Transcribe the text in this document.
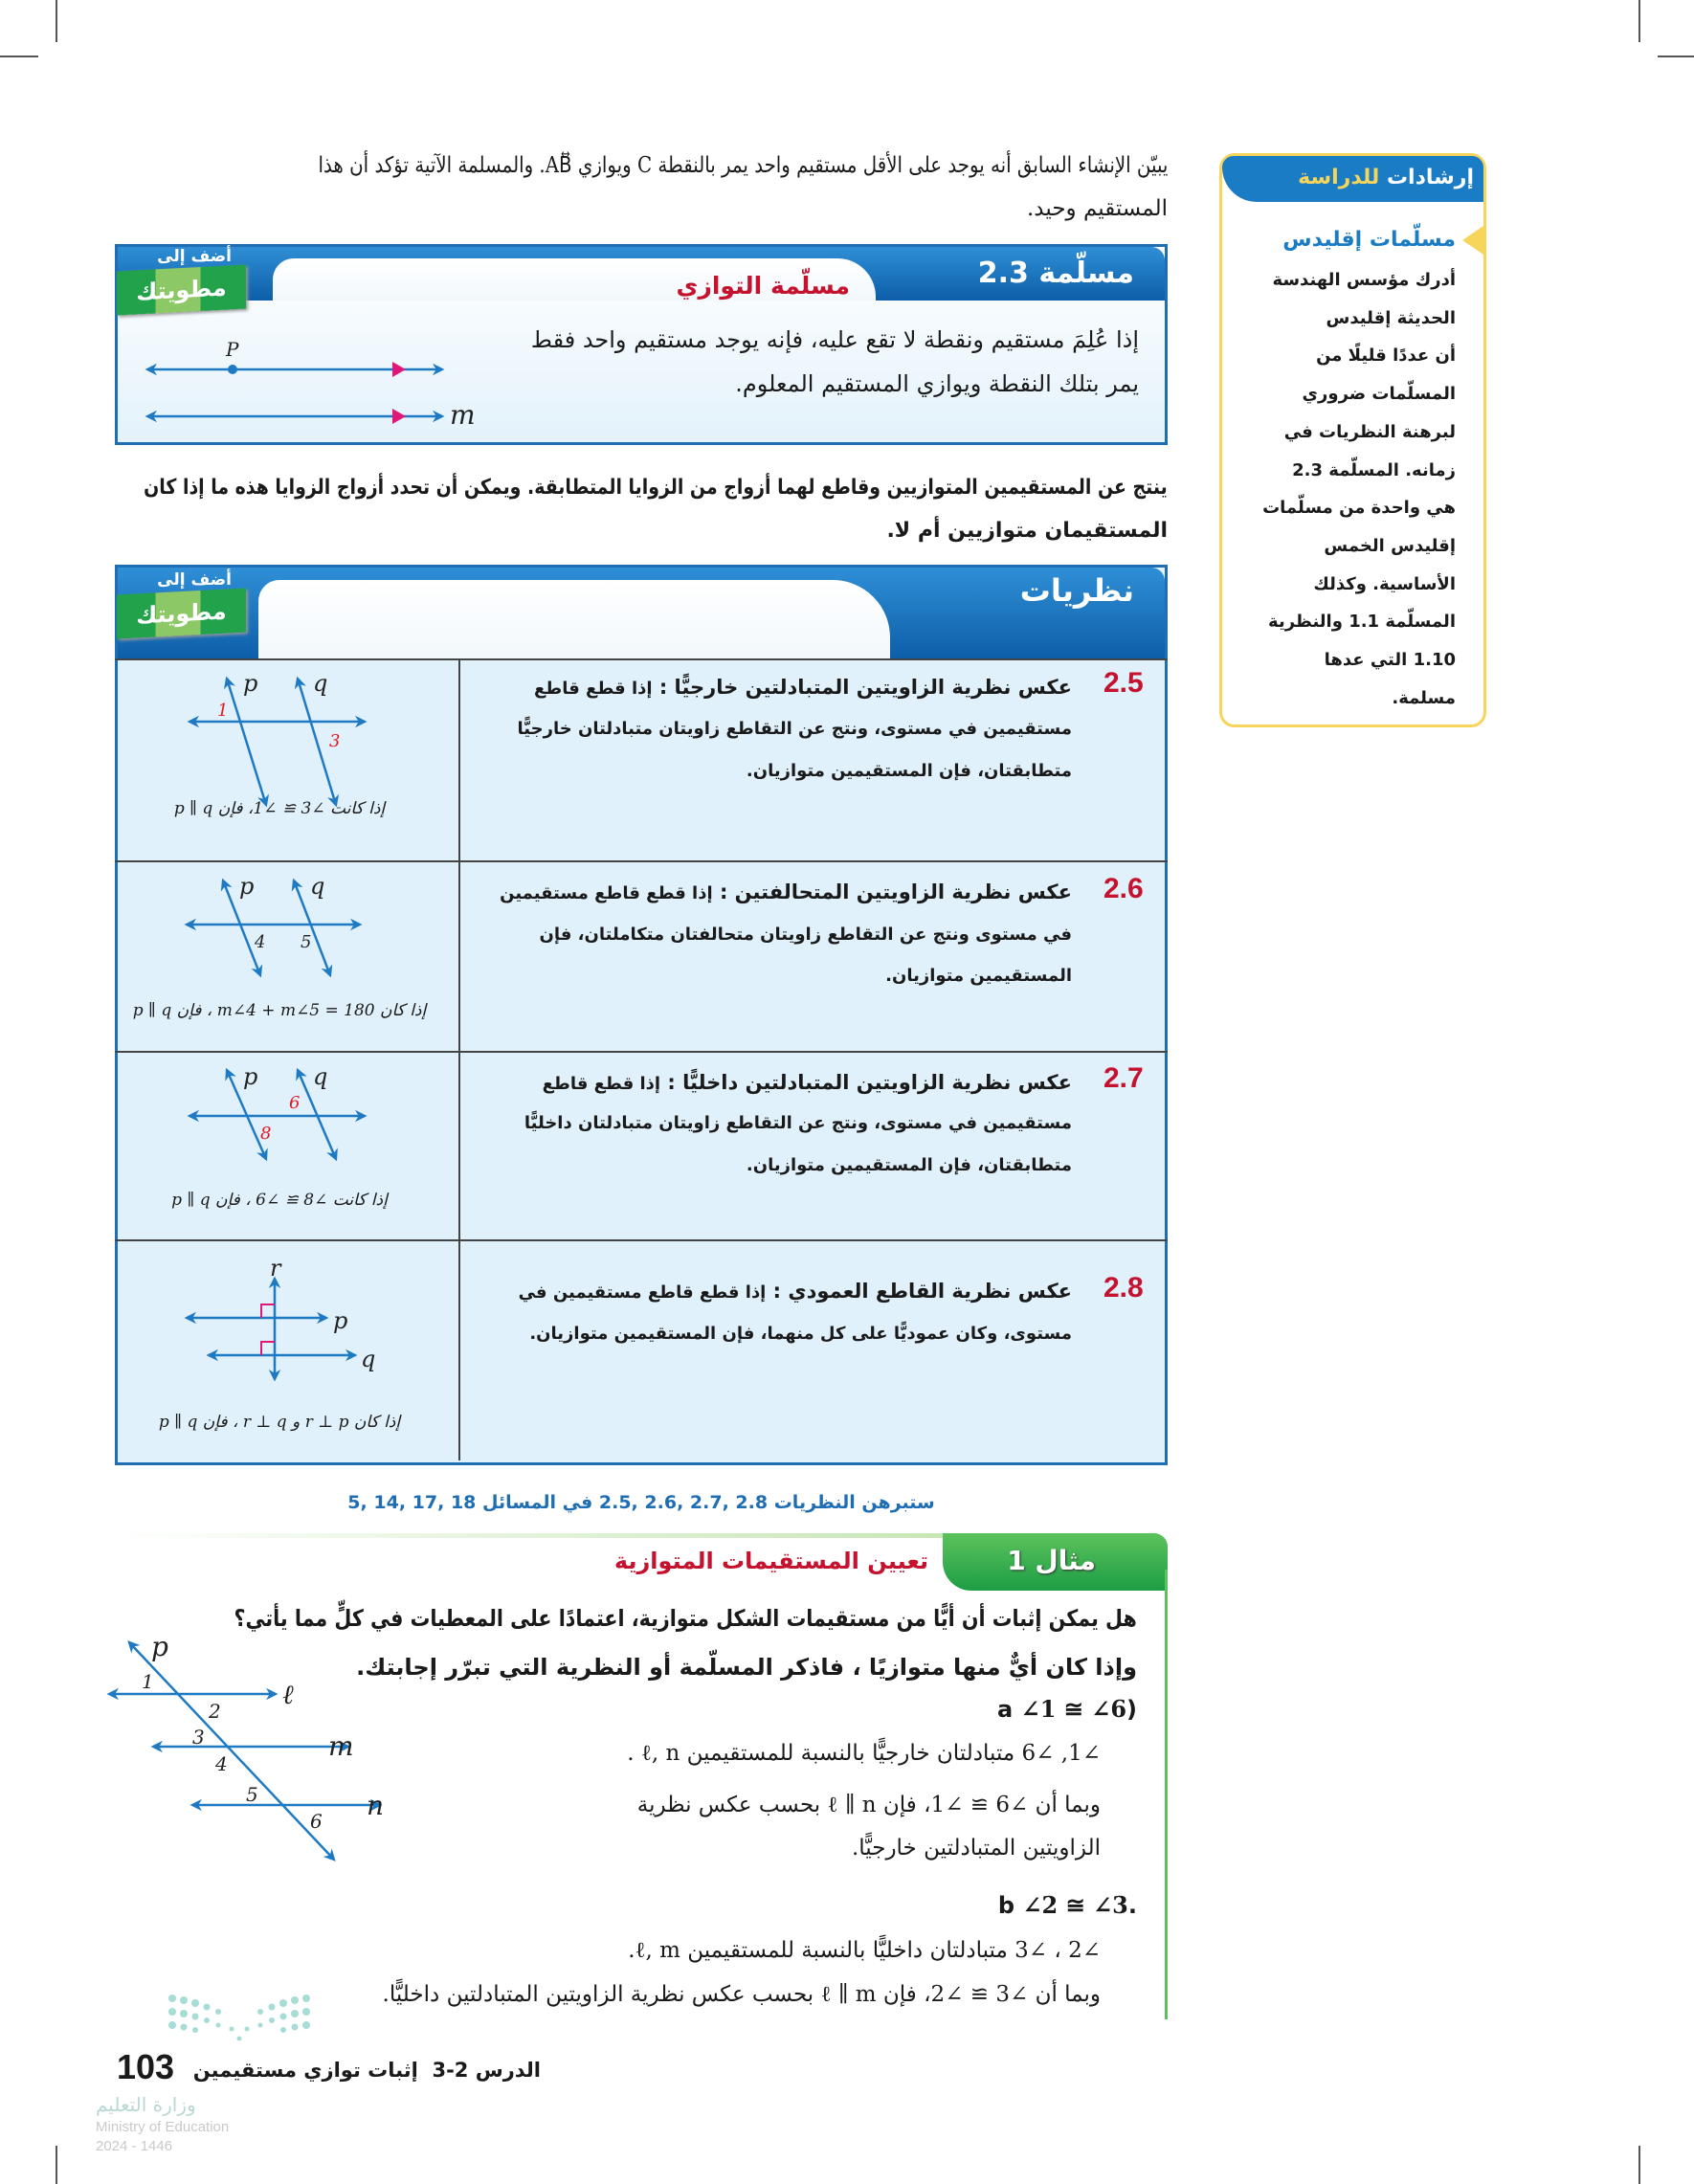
يبيّن الإنشاء السابق أنه يوجد على الأقل مستقيم واحد يمر بالنقطة C ويوازي AB⃡. والمسلمة الآتية تؤكد أن هذا
المستقيم وحيد.
مسلّمة 2.3
مسلّمة التوازي
أضف إلى
مطويتك
إذا عُلِمَ مستقيم ونقطة لا تقع عليه، فإنه يوجد مستقيم واحد فقط
يمر بتلك النقطة ويوازي المستقيم المعلوم.
ينتج عن المستقيمين المتوازيين وقاطع لهما أزواج من الزوايا المتطابقة. ويمكن أن تحدد أزواج الزوايا هذه ما إذا كان
المستقيمان متوازيين أم لا.
نظريات
أضف إلى
مطويتك
2.5
عكس نظرية الزاويتين المتبادلتين خارجيًّا : إذا قطع قاطع
مستقيمين في مستوى، ونتج عن التقاطع زاويتان متبادلتان خارجيًّا
متطابقتان، فإن المستقيمين متوازيان.
إذا كانت ∠3 ≅ ∠1، فإن p ∥ q
2.6
عكس نظرية الزاويتين المتحالفتين : إذا قطع قاطع مستقيمين
في مستوى ونتج عن التقاطع زاويتان متحالفتان متكاملتان، فإن
المستقيمين متوازيان.
إذا كان m∠4 + m∠5 = 180 ، فإن p ∥ q
2.7
عكس نظرية الزاويتين المتبادلتين داخليًّا : إذا قطع قاطع
مستقيمين في مستوى، ونتج عن التقاطع زاويتان متبادلتان داخليًّا
متطابقتان، فإن المستقيمين متوازيان.
إذا كانت ∠8 ≅ ∠6 ، فإن p ∥ q
2.8
عكس نظرية القاطع العمودي : إذا قطع قاطع مستقيمين في
مستوى، وكان عموديًّا على كل منهما، فإن المستقيمين متوازيان.
إذا كان r ⊥ p و r ⊥ q ، فإن p ∥ q
ستبرهن النظريات 2.8 ,2.7 ,2.6 ,2.5 في المسائل 18 ,17 ,14 ,5
مثال 1
تعيين المستقيمات المتوازية
هل يمكن إثبات أن أيًّا من مستقيمات الشكل متوازية، اعتمادًا على المعطيات في كلٍّ مما يأتي؟
وإذا كان أيٌّ منها متوازيًا ، فاذكر المسلّمة أو النظرية التي تبرّر إجابتك.
(a ∠1 ≅ ∠6
∠1, ∠6 متبادلتان خارجيًّا بالنسبة للمستقيمين ℓ, n .
وبما أن ∠6 ≅ ∠1، فإن ℓ ∥ n بحسب عكس نظرية
الزاويتين المتبادلتين خارجيًّا.
.b ∠2 ≅ ∠3
∠2 ، ∠3 متبادلتان داخليًّا بالنسبة للمستقيمين ℓ, m.
وبما أن ∠3 ≅ ∠2، فإن ℓ ∥ m بحسب عكس نظرية الزاويتين المتبادلتين داخليًّا.
إرشادات للدراسة
مسلّمات إقليدس
أدرك مؤسس الهندسة
الحديثة إقليدس
أن عددًا قليلًا من
المسلّمات ضروري
لبرهنة النظريات في
زمانه. المسلّمة 2.3
هي واحدة من مسلّمات
إقليدس الخمس
الأساسية. وكذلك
المسلّمة 1.1 والنظرية
1.10 التي عدها
مسلمة.
103	الدرس 2-3  إثبات توازي مستقيمين
وزارة التعليم
Ministry of Education
2024 - 1446
P
m
p q
1
3
p q
4 5
p q
6
8
r
p
q
p
ℓ
m
n
1
2
3
4
5
6
